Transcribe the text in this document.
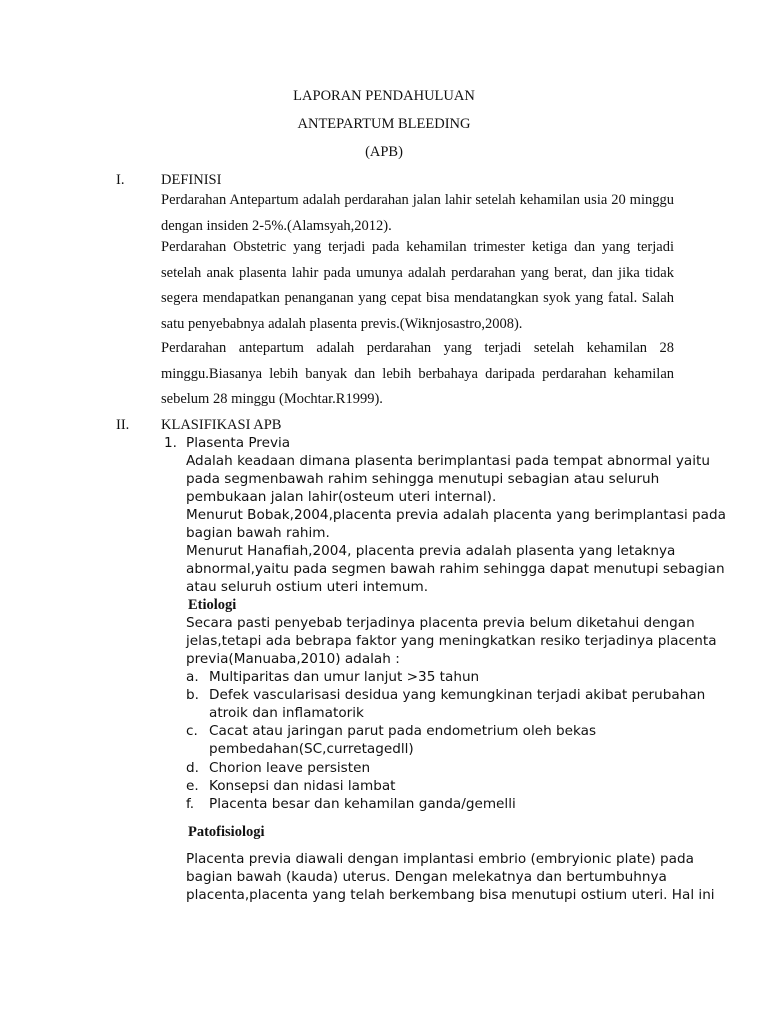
LAPORAN PENDAHULUAN
ANTEPARTUM BLEEDING
(APB)
I.	DEFINISI
Perdarahan Antepartum adalah perdarahan jalan lahir setelah kehamilan usia 20 minggu dengan insiden 2-5%.(Alamsyah,2012).
Perdarahan Obstetric yang terjadi pada kehamilan trimester ketiga dan yang terjadi setelah anak plasenta lahir pada umunya adalah perdarahan yang berat, dan jika tidak segera mendapatkan penanganan yang cepat bisa mendatangkan syok yang fatal. Salah satu penyebabnya adalah plasenta previs.(Wiknjosastro,2008).
Perdarahan antepartum adalah perdarahan yang terjadi setelah kehamilan 28 minggu.Biasanya lebih banyak dan lebih berbahaya daripada perdarahan kehamilan sebelum 28 minggu (Mochtar.R1999).
II. KLASIFIKASI APB
1. Plasenta Previa
Adalah keadaan dimana plasenta berimplantasi pada tempat abnormal yaitu
pada segmenbawah rahim sehingga menutupi sebagian atau seluruh
pembukaan jalan lahir(osteum uteri internal).
Menurut Bobak,2004,placenta previa adalah placenta yang berimplantasi pada
bagian bawah rahim.
Menurut Hanafiah,2004, placenta previa adalah plasenta yang letaknya
abnormal,yaitu pada segmen bawah rahim sehingga dapat menutupi sebagian
atau seluruh ostium uteri intemum.
Etiologi
Secara pasti penyebab terjadinya placenta previa belum diketahui dengan
jelas,tetapi ada bebrapa faktor yang meningkatkan resiko terjadinya placenta
previa(Manuaba,2010) adalah :
a. Multiparitas dan umur lanjut >35 tahun
b. Defek vascularisasi desidua yang kemungkinan terjadi akibat perubahan
atroik dan inflamatorik
c. Cacat atau jaringan parut pada endometrium oleh bekas
pembedahan(SC,curretagedll)
d. Chorion leave persisten
e. Konsepsi dan nidasi lambat
f. Placenta besar dan kehamilan ganda/gemelli
Patofisiologi
Placenta previa diawali dengan implantasi embrio (embryionic plate) pada
bagian bawah (kauda) uterus. Dengan melekatnya dan bertumbuhnya
placenta,placenta yang telah berkembang bisa menutupi ostium uteri. Hal ini
